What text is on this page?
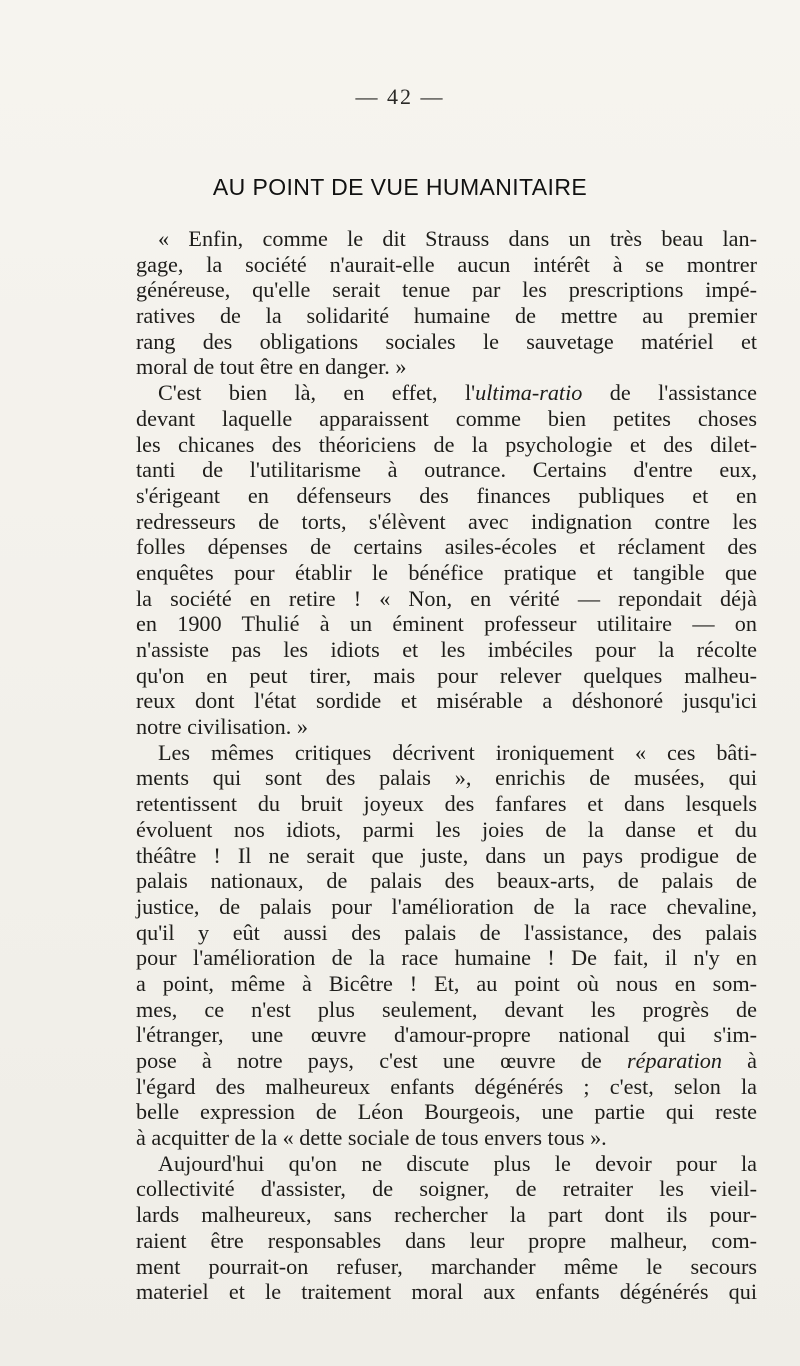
— 42 —
AU POINT DE VUE HUMANITAIRE
« Enfin, comme le dit Strauss dans un très beau lan-
gage, la société n'aurait-elle aucun intérêt à se montrer
généreuse, qu'elle serait tenue par les prescriptions impé-
ratives de la solidarité humaine de mettre au premier
rang des obligations sociales le sauvetage matériel et
moral de tout être en danger. »
C'est bien là, en effet, l'ultima-ratio de l'assistance
devant laquelle apparaissent comme bien petites choses
les chicanes des théoriciens de la psychologie et des dilet-
tanti de l'utilitarisme à outrance. Certains d'entre eux,
s'érigeant en défenseurs des finances publiques et en
redresseurs de torts, s'élèvent avec indignation contre les
folles dépenses de certains asiles-écoles et réclament des
enquêtes pour établir le bénéfice pratique et tangible que
la société en retire ! « Non, en vérité — repondait déjà
en 1900 Thulié à un éminent professeur utilitaire — on
n'assiste pas les idiots et les imbéciles pour la récolte
qu'on en peut tirer, mais pour relever quelques malheu-
reux dont l'état sordide et misérable a déshonoré jusqu'ici
notre civilisation. »
Les mêmes critiques décrivent ironiquement « ces bâti-
ments qui sont des palais », enrichis de musées, qui
retentissent du bruit joyeux des fanfares et dans lesquels
évoluent nos idiots, parmi les joies de la danse et du
théâtre ! Il ne serait que juste, dans un pays prodigue de
palais nationaux, de palais des beaux-arts, de palais de
justice, de palais pour l'amélioration de la race chevaline,
qu'il y eût aussi des palais de l'assistance, des palais
pour l'amélioration de la race humaine ! De fait, il n'y en
a point, même à Bicêtre ! Et, au point où nous en som-
mes, ce n'est plus seulement, devant les progrès de
l'étranger, une œuvre d'amour-propre national qui s'im-
pose à notre pays, c'est une œuvre de réparation à
l'égard des malheureux enfants dégénérés ; c'est, selon la
belle expression de Léon Bourgeois, une partie qui reste
à acquitter de la « dette sociale de tous envers tous ».
Aujourd'hui qu'on ne discute plus le devoir pour la
collectivité d'assister, de soigner, de retraiter les vieil-
lards malheureux, sans rechercher la part dont ils pour-
raient être responsables dans leur propre malheur, com-
ment pourrait-on refuser, marchander même le secours
materiel et le traitement moral aux enfants dégénérés qui
